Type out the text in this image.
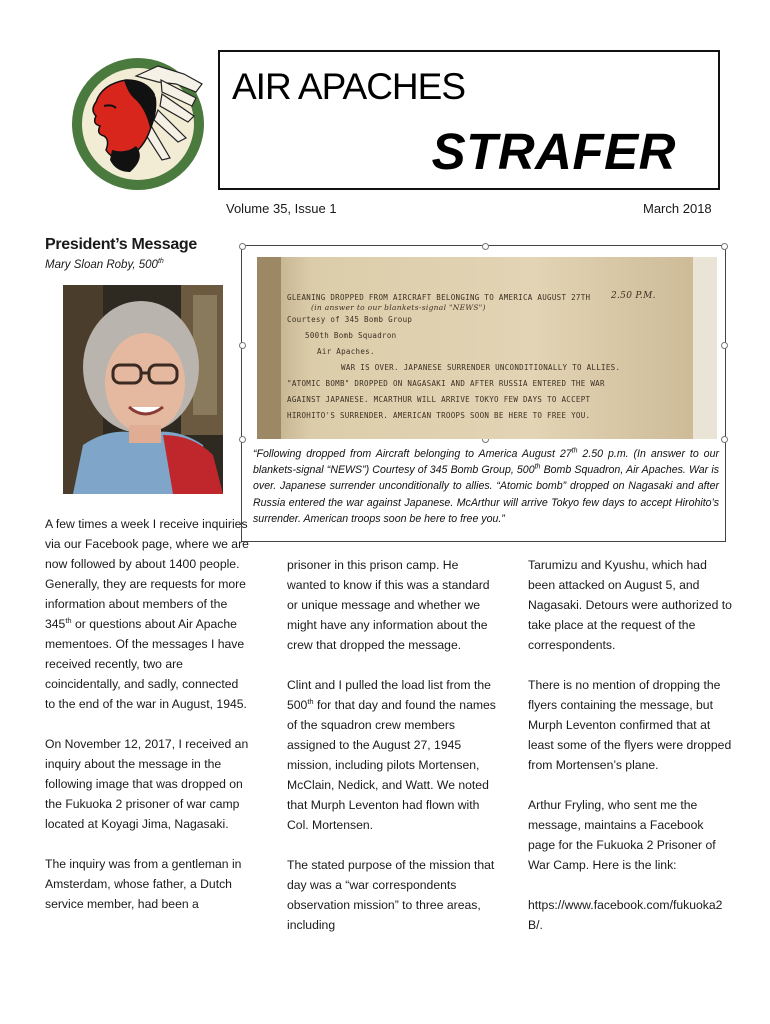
AIR APACHES
STRAFER
Volume 35, Issue 1	March 2018
President’s Message
Mary Sloan Roby, 500th
GLEANING DROPPED FROM AIRCRAFT BELONGING TO AMERICA AUGUST 27TH
(in answer to our blankets-signal "NEWS")
Courtesy of 345 Bomb Group
500th Bomb Squadron
Air Apaches.
WAR IS OVER. JAPANESE SURRENDER UNCONDITIONALLY TO ALLIES.
"ATOMIC BOMB" DROPPED ON NAGASAKI AND AFTER RUSSIA ENTERED THE WAR
AGAINST JAPANESE. MCARTHUR WILL ARRIVE TOKYO FEW DAYS TO ACCEPT
HIROHITO'S SURRENDER. AMERICAN TROOPS SOON BE HERE TO FREE YOU.
2.50 P.M.
“Following dropped from Aircraft belonging to America August 27th 2.50 p.m. (In answer to our blankets-signal “NEWS”) Courtesy of 345 Bomb Group, 500th Bomb Squadron, Air Apaches. War is over. Japanese surrender unconditionally to allies. “Atomic bomb” dropped on Nagasaki and after Russia entered the war against Japanese. McArthur will arrive Tokyo few days to accept Hirohito’s surrender. American troops soon be here to free you.”

A few times a week I receive inquiries via our Facebook page, where we are now followed by about 1400 people. Generally, they are requests for more information about members of the 345th or questions about Air Apache mementoes. Of the messages I have received recently, two are coincidentally, and sadly, connected to the end of the war in August, 1945.

On November 12, 2017, I received an inquiry about the message in the following image that was dropped on the Fukuoka 2 prisoner of war camp located at Koyagi Jima, Nagasaki.

The inquiry was from a gentleman in Amsterdam, whose father, a Dutch service member, had been a

prisoner in this prison camp. He wanted to know if this was a standard or unique message and whether we might have any information about the crew that dropped the message.

Clint and I pulled the load list from the 500th for that day and found the names of the squadron crew members assigned to the August 27, 1945 mission, including pilots Mortensen, McClain, Nedick, and Watt. We noted that Murph Leventon had flown with Col. Mortensen.

The stated purpose of the mission that day was a “war correspondents observation mission” to three areas, including

Tarumizu and Kyushu, which had been attacked on August 5, and Nagasaki. Detours were authorized to take place at the request of the correspondents.

There is no mention of dropping the flyers containing the message, but Murph Leventon confirmed that at least some of the flyers were dropped from Mortensen’s plane.

Arthur Fryling, who sent me the message, maintains a Facebook page for the Fukuoka 2 Prisoner of War Camp. Here is the link:

https://www.facebook.com/fukuoka2B/.
